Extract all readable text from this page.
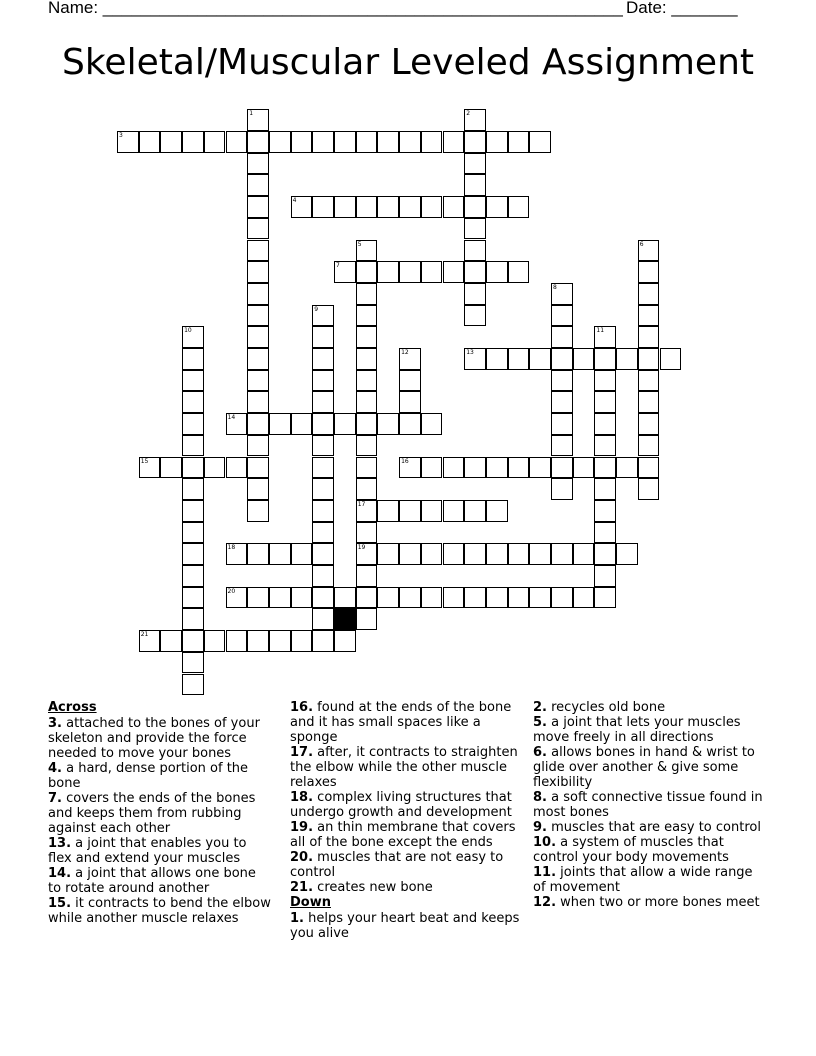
Name: _______________________________________________________ Date: _______
Skeletal/Muscular Leveled Assignment
3
4
7
13
14
15	16
17
18	19
20
21
1	2
5	6
8
9
10	11
12
Across
3. attached to the bones of your skeleton and provide the force needed to move your bones
4. a hard, dense portion of the bone
7. covers the ends of the bones and keeps them from rubbing against each other
13. a joint that enables you to flex and extend your muscles
14. a joint that allows one bone to rotate around another
15. it contracts to bend the elbow while another muscle relaxes
16. found at the ends of the bone and it has small spaces like a sponge
17. after, it contracts to straighten the elbow while the other muscle relaxes
18. complex living structures that undergo growth and development
19. an thin membrane that covers all of the bone except the ends
20. muscles that are not easy to control
21. creates new bone
Down
1. helps your heart beat and keeps you alive
2. recycles old bone
5. a joint that lets your muscles move freely in all directions
6. allows bones in hand & wrist to glide over another & give some flexibility
8. a soft connective tissue found in most bones
9. muscles that are easy to control
10. a system of muscles that control your body movements
11. joints that allow a wide range of movement
12. when two or more bones meet
